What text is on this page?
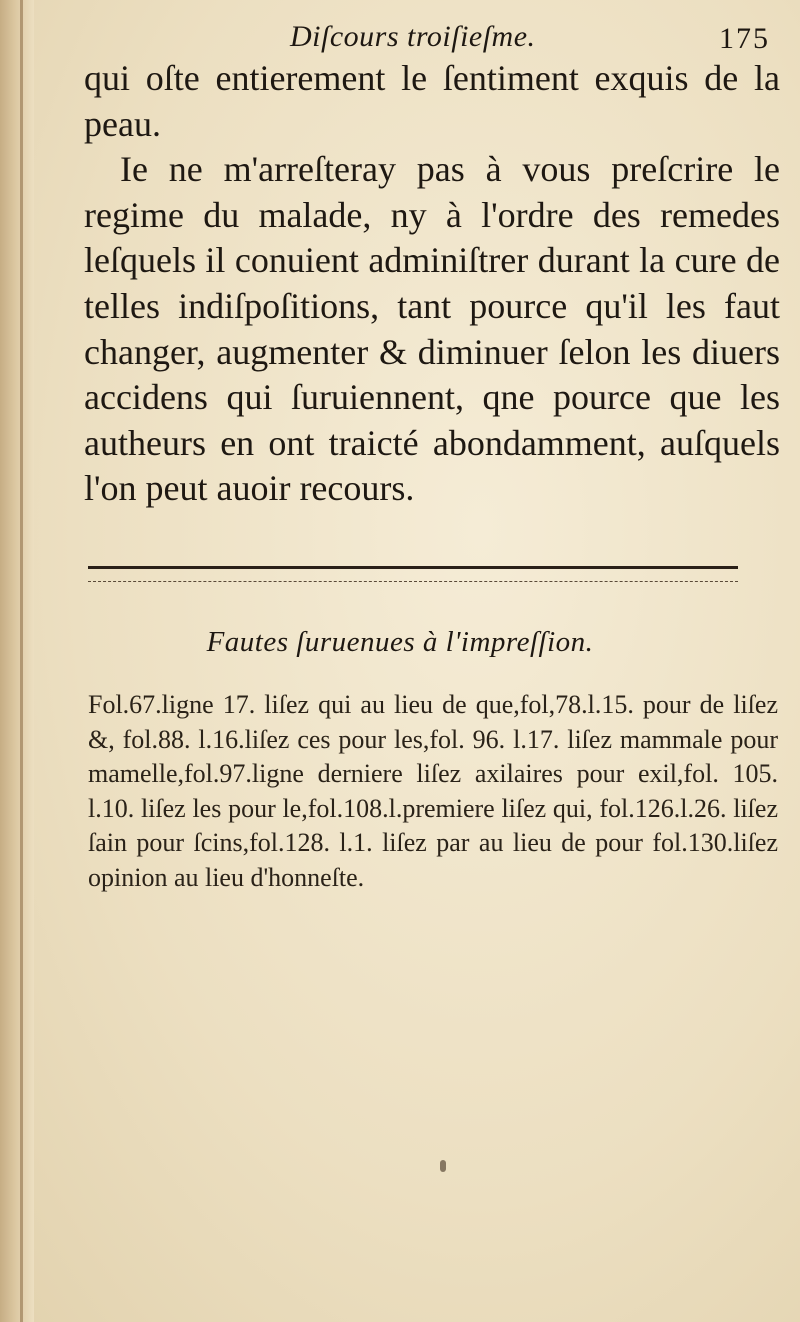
Diſcours troiſieſme.	175

qui oſte entierement le ſentiment exquis de la peau.

Ie ne m'arreſteray pas à vous preſcrire le regime du malade, ny à l'ordre des remedes leſquels il conuient adminiſtrer durant la cure de telles indiſpoſitions, tant pource qu'il les faut changer, augmenter & diminuer ſelon les diuers accidens qui ſuruiennent, qne pource que les autheurs en ont traicté abondamment, auſquels l'on peut auoir recours.

Fautes ſuruenues à l'impreſſion.

Fol.67.ligne 17. liſez qui au lieu de que,fol,78.l.15. pour de liſez &, fol.88. l.16.liſez ces pour les,fol. 96. l.17. liſez mammale pour mamelle,fol.97.ligne derniere liſez axilaires pour exil,fol. 105. l.10. liſez les pour le,fol.108.l.premiere liſez qui, fol.126.l.26. liſez ſain pour ſcins,fol.128. l.1. liſez par au lieu de pour fol.130.liſez opinion au lieu d'honneſte.
